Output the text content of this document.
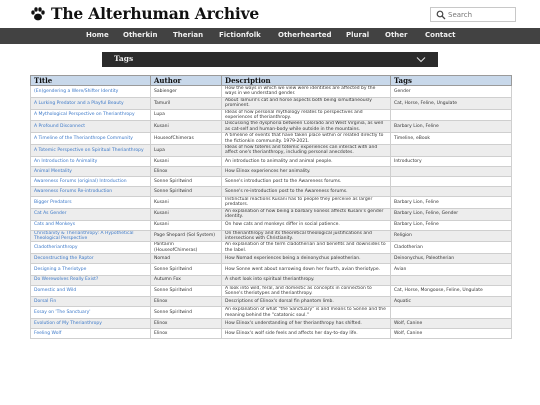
The Alterhuman Archive
Search
Home Otherkin Therian Fictionfolk Otherhearted Plural Other	Contact
Tags
Title	Author	Description	Tags
(En)gendering a Were/Shifter Identity	Sabienger	How the ways in which we view were identities are affected by the ways in we understand gender.	Gender
A Lurking Predator and a Playful Beauty	Tamuril	About Tamuril's cat and horse aspects both being simultaneously prominent.	Cat, Horse, Feline, Ungulate
A Mythological Perspective on Therianthropy	Lupa	Ideas of how personal mythology relates to perspectives and experiences of therianthropy.	
A Profound Disconnect	Kusani	Discussing the dysphoria between Colorado and West Virginia, as well as cat-self and human-body while outside in the mountains.	Barbary Lion, Feline
A Timeline of the Therianthrope Community	HouseofChimeras	A timeline of events that have taken place within or related directly to the fictionkin community. 1979-2021.	Timeline, eBook
A Totemic Perspective on Spiritual Therianthropy	Lupa	Ideas of how totems and totemic experiences can interact with and affect one's therianthropy, including personal anecdotes.	
An Introduction to Animality	Kusani	An introduction to animality and animal people.	Introductory
Animal Mentality	Elinox	How Elinox experiences her animality.	
Awareness Forums (original) Introduction	Sonne Spiritwind	Sonne's introduction post to the Awareness forums.	
Awareness Forums Re-introduction	Sonne Spiritwind	Sonne's re-introduction post to the Awareness forums.	
Bigger Predators	Kusani	Instinctual reactions Kusani has to people they perceive as larger predators.	Barbary Lion, Feline
Cat As Gender	Kusani	An explanation of how being a barbary lioness affects Kusani's gender identity.	Barbary Lion, Feline, Gender
Cats and Monkeys	Kusani	On how cats and monkeys differ in social patience.	Barbary Lion, Feline
Christianity & Therianthropy: A Hypothetical Theological Perspective	Page Shepard (Sol System)	On therianthropy and its theoretical theological justifications and intersections with Christianity.	Religion
Cladotherianthropy	Pantairin (HouseofChimeras)	An explanation of the term cladotherian and benefits and downsides to the label.	Cladotherian
Deconstructing the Raptor	Nomad	How Nomad experiences being a deinonychus paleotherian.	Deinonychus, Paleotherian
Designing a Theriotype	Sonne Spiritwind	How Sonne went about narrowing down her fourth, avian theriotype.	Avian
Do Werewolves Really Exist?	Autumn Fox	A short look into spiritual therianthropy.	
Domestic and Wild	Sonne Spiritwind	A look into wild, feral, and domestic as concepts in connection to Sonne's theriotypes and therianthropy.	Cat, Horse, Mongoose, Feline, Ungulate
Dorsal Fin	Elinox	Descriptions of Elinox's dorsal fin phantom limb.	Aquatic
Essay on 'The Sanctuary'	Sonne Spiritwind	An explanation of what "the Sanctuary" is and means to Sonne and the meaning behind the "catatonic soul."	
Evolution of My Therianthropy	Elinox	How Elinox's understanding of her therianthropy has shifted.	Wolf, Canine
Feeling Wolf	Elinox	How Elinox's wolf side feels and affects her day-to-day life.	Wolf, Canine
